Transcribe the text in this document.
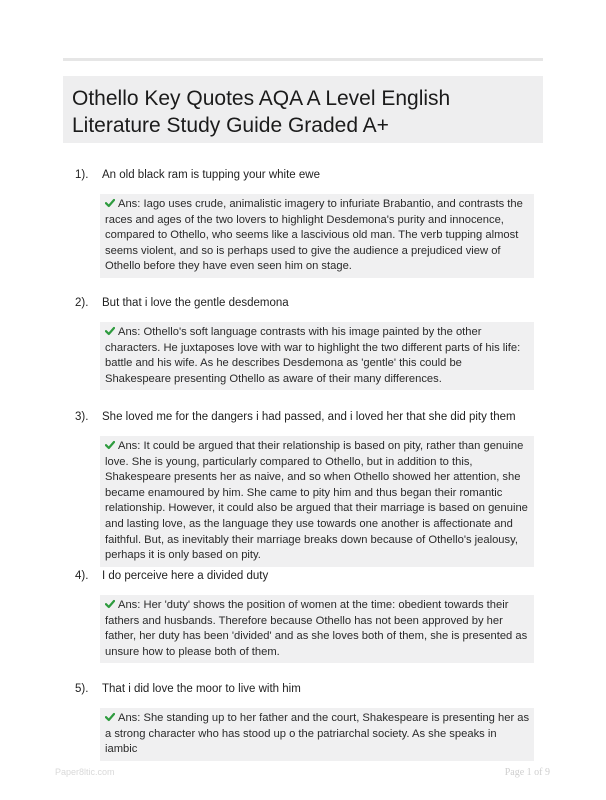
Othello Key Quotes AQA A Level English Literature Study Guide Graded A+
1). An old black ram is tupping your white ewe
Ans: Iago uses crude, animalistic imagery to infuriate Brabantio, and contrasts the races and ages of the two lovers to highlight Desdemona's purity and innocence, compared to Othello, who seems like a lascivious old man. The verb tupping almost seems violent, and so is perhaps used to give the audience a prejudiced view of Othello before they have even seen him on stage.
2). But that i love the gentle desdemona
Ans: Othello's soft language contrasts with his image painted by the other characters. He juxtaposes love with war to highlight the two different parts of his life: battle and his wife. As he describes Desdemona as 'gentle' this could be Shakespeare presenting Othello as aware of their many differences.
3). She loved me for the dangers i had passed, and i loved her that she did pity them
Ans: It could be argued that their relationship is based on pity, rather than genuine love. She is young, particularly compared to Othello, but in addition to this, Shakespeare presents her as naive, and so when Othello showed her attention, she became enamoured by him. She came to pity him and thus began their romantic relationship. However, it could also be argued that their marriage is based on genuine and lasting love, as the language they use towards one another is affectionate and faithful. But, as inevitably their marriage breaks down because of Othello's jealousy, perhaps it is only based on pity.
4). I do perceive here a divided duty
Ans: Her 'duty' shows the position of women at the time: obedient towards their fathers and husbands. Therefore because Othello has not been approved by her father, her duty has been 'divided' and as she loves both of them, she is presented as unsure how to please both of them.
5). That i did love the moor to live with him
Ans: She standing up to her father and the court, Shakespeare is presenting her as a strong character who has stood up o the patriarchal society. As she speaks in iambic
Paper8ltic.com	Page 1 of 9
